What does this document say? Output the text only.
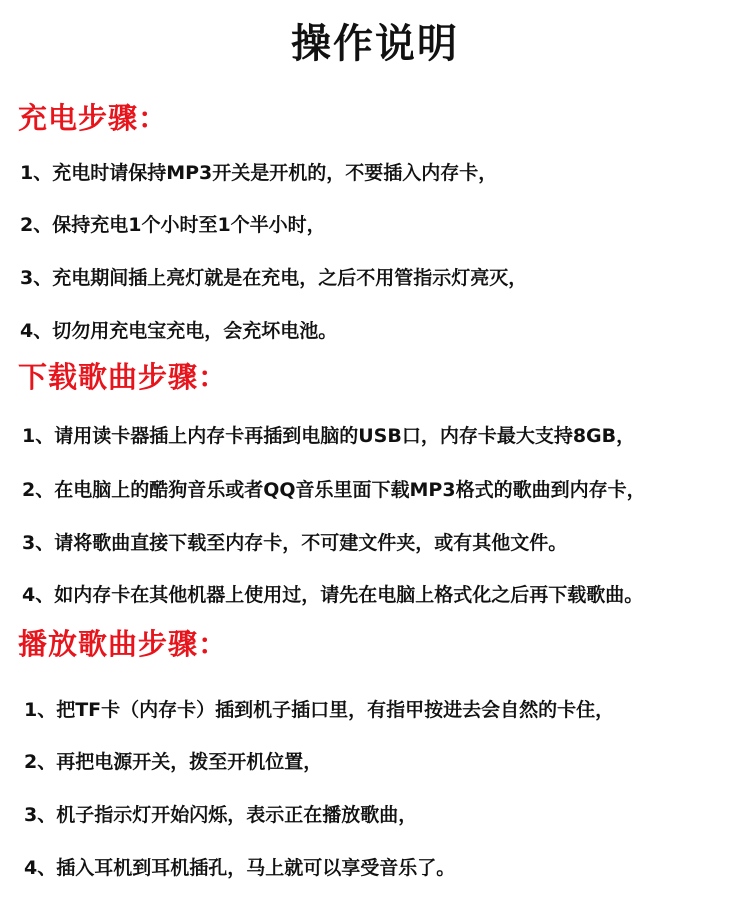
操作说明
充电步骤：
1、充电时请保持MP3开关是开机的，不要插入内存卡，
2、保持充电1个小时至1个半小时，
3、充电期间插上亮灯就是在充电，之后不用管指示灯亮灭，
4、切勿用充电宝充电，会充坏电池。
下载歌曲步骤：
1、请用读卡器插上内存卡再插到电脑的USB口，内存卡最大支持8GB，
2、在电脑上的酷狗音乐或者QQ音乐里面下载MP3格式的歌曲到内存卡，
3、请将歌曲直接下载至内存卡，不可建文件夹，或有其他文件。
4、如内存卡在其他机器上使用过，请先在电脑上格式化之后再下载歌曲。
播放歌曲步骤：
1、把TF卡（内存卡）插到机子插口里，有指甲按进去会自然的卡住，
2、再把电源开关，拨至开机位置，
3、机子指示灯开始闪烁，表示正在播放歌曲，
4、插入耳机到耳机插孔，马上就可以享受音乐了。
